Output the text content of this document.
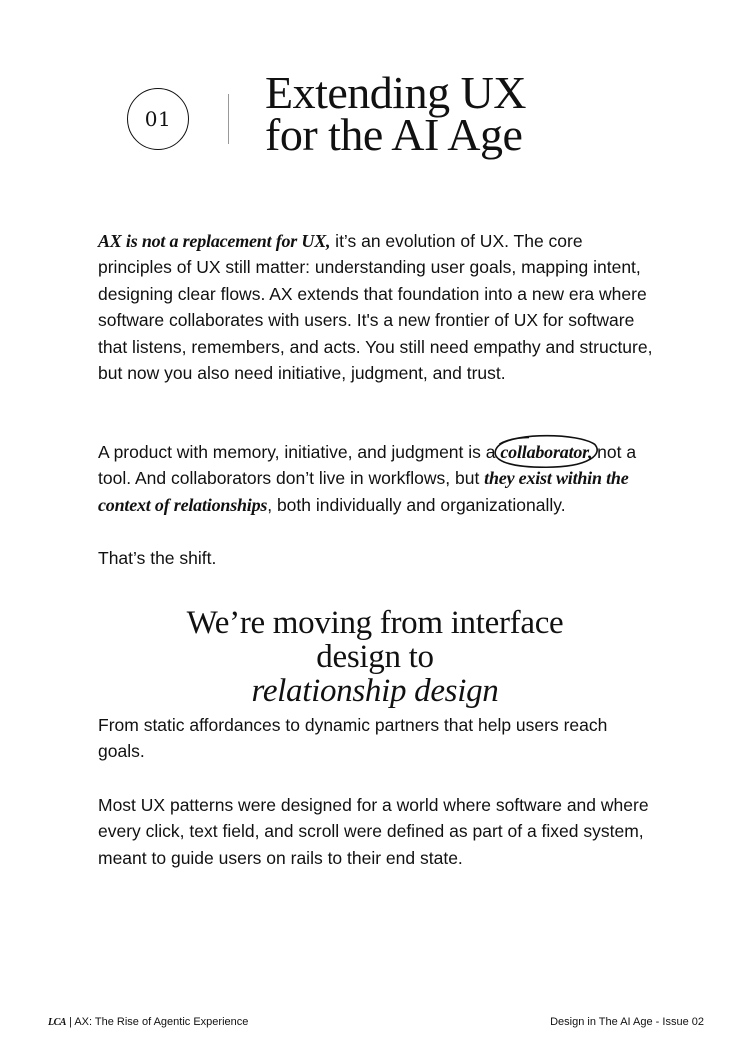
01
Extending UX
for the AI Age

AX is not a replacement for UX, it’s an evolution of UX. The core principles of UX still matter: understanding user goals, mapping intent, designing clear flows. AX extends that foundation into a new era where software collaborates with users. It's a new frontier of UX for software that listens, remembers, and acts. You still need empathy and structure, but now you also need initiative, judgment, and trust.

A product with memory, initiative, and judgment is a collaborator,
not a tool. And collaborators don’t live in workflows, but they exist within the context of relationships, both individually and organizationally.

That’s the shift.

We’re moving from interface
design to
relationship design

From static affordances to dynamic partners that help users reach goals.

Most UX patterns were designed for a world where software and where every click, text field, and scroll were defined as part of a fixed system, meant to guide users on rails to their end state.

LCA | AX: The Rise of Agentic Experience	Design in The AI Age - Issue 02
